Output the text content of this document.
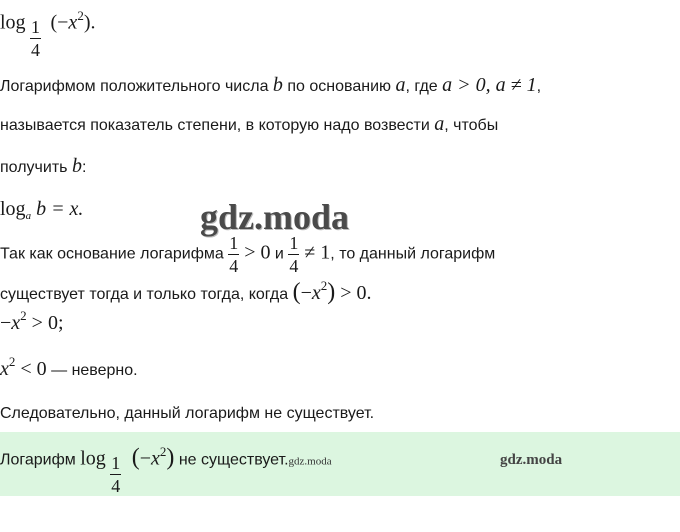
$\log \frac{1}{4} (-x^2)$.
Логарифмом положительного числа b по основанию a, где a > 0, a ≠ 1,
называется показатель степени, в которую надо возвести a, чтобы
получить b:
$\log_a b = x$.	gdz.moda
Так как основание логарифма $\frac{1}{4} > 0$ и $\frac{1}{4} \ne 1$, то данный логарифм
существует тогда и только тогда, когда $(-x^2) > 0$.
$-x^2 > 0$;
$x^2 < 0$ — неверно.
Следовательно, данный логарифм не существует.
Логарифм $\log \frac{1}{4} (-x^2)$ не существует.gdz.moda	gdz.moda
